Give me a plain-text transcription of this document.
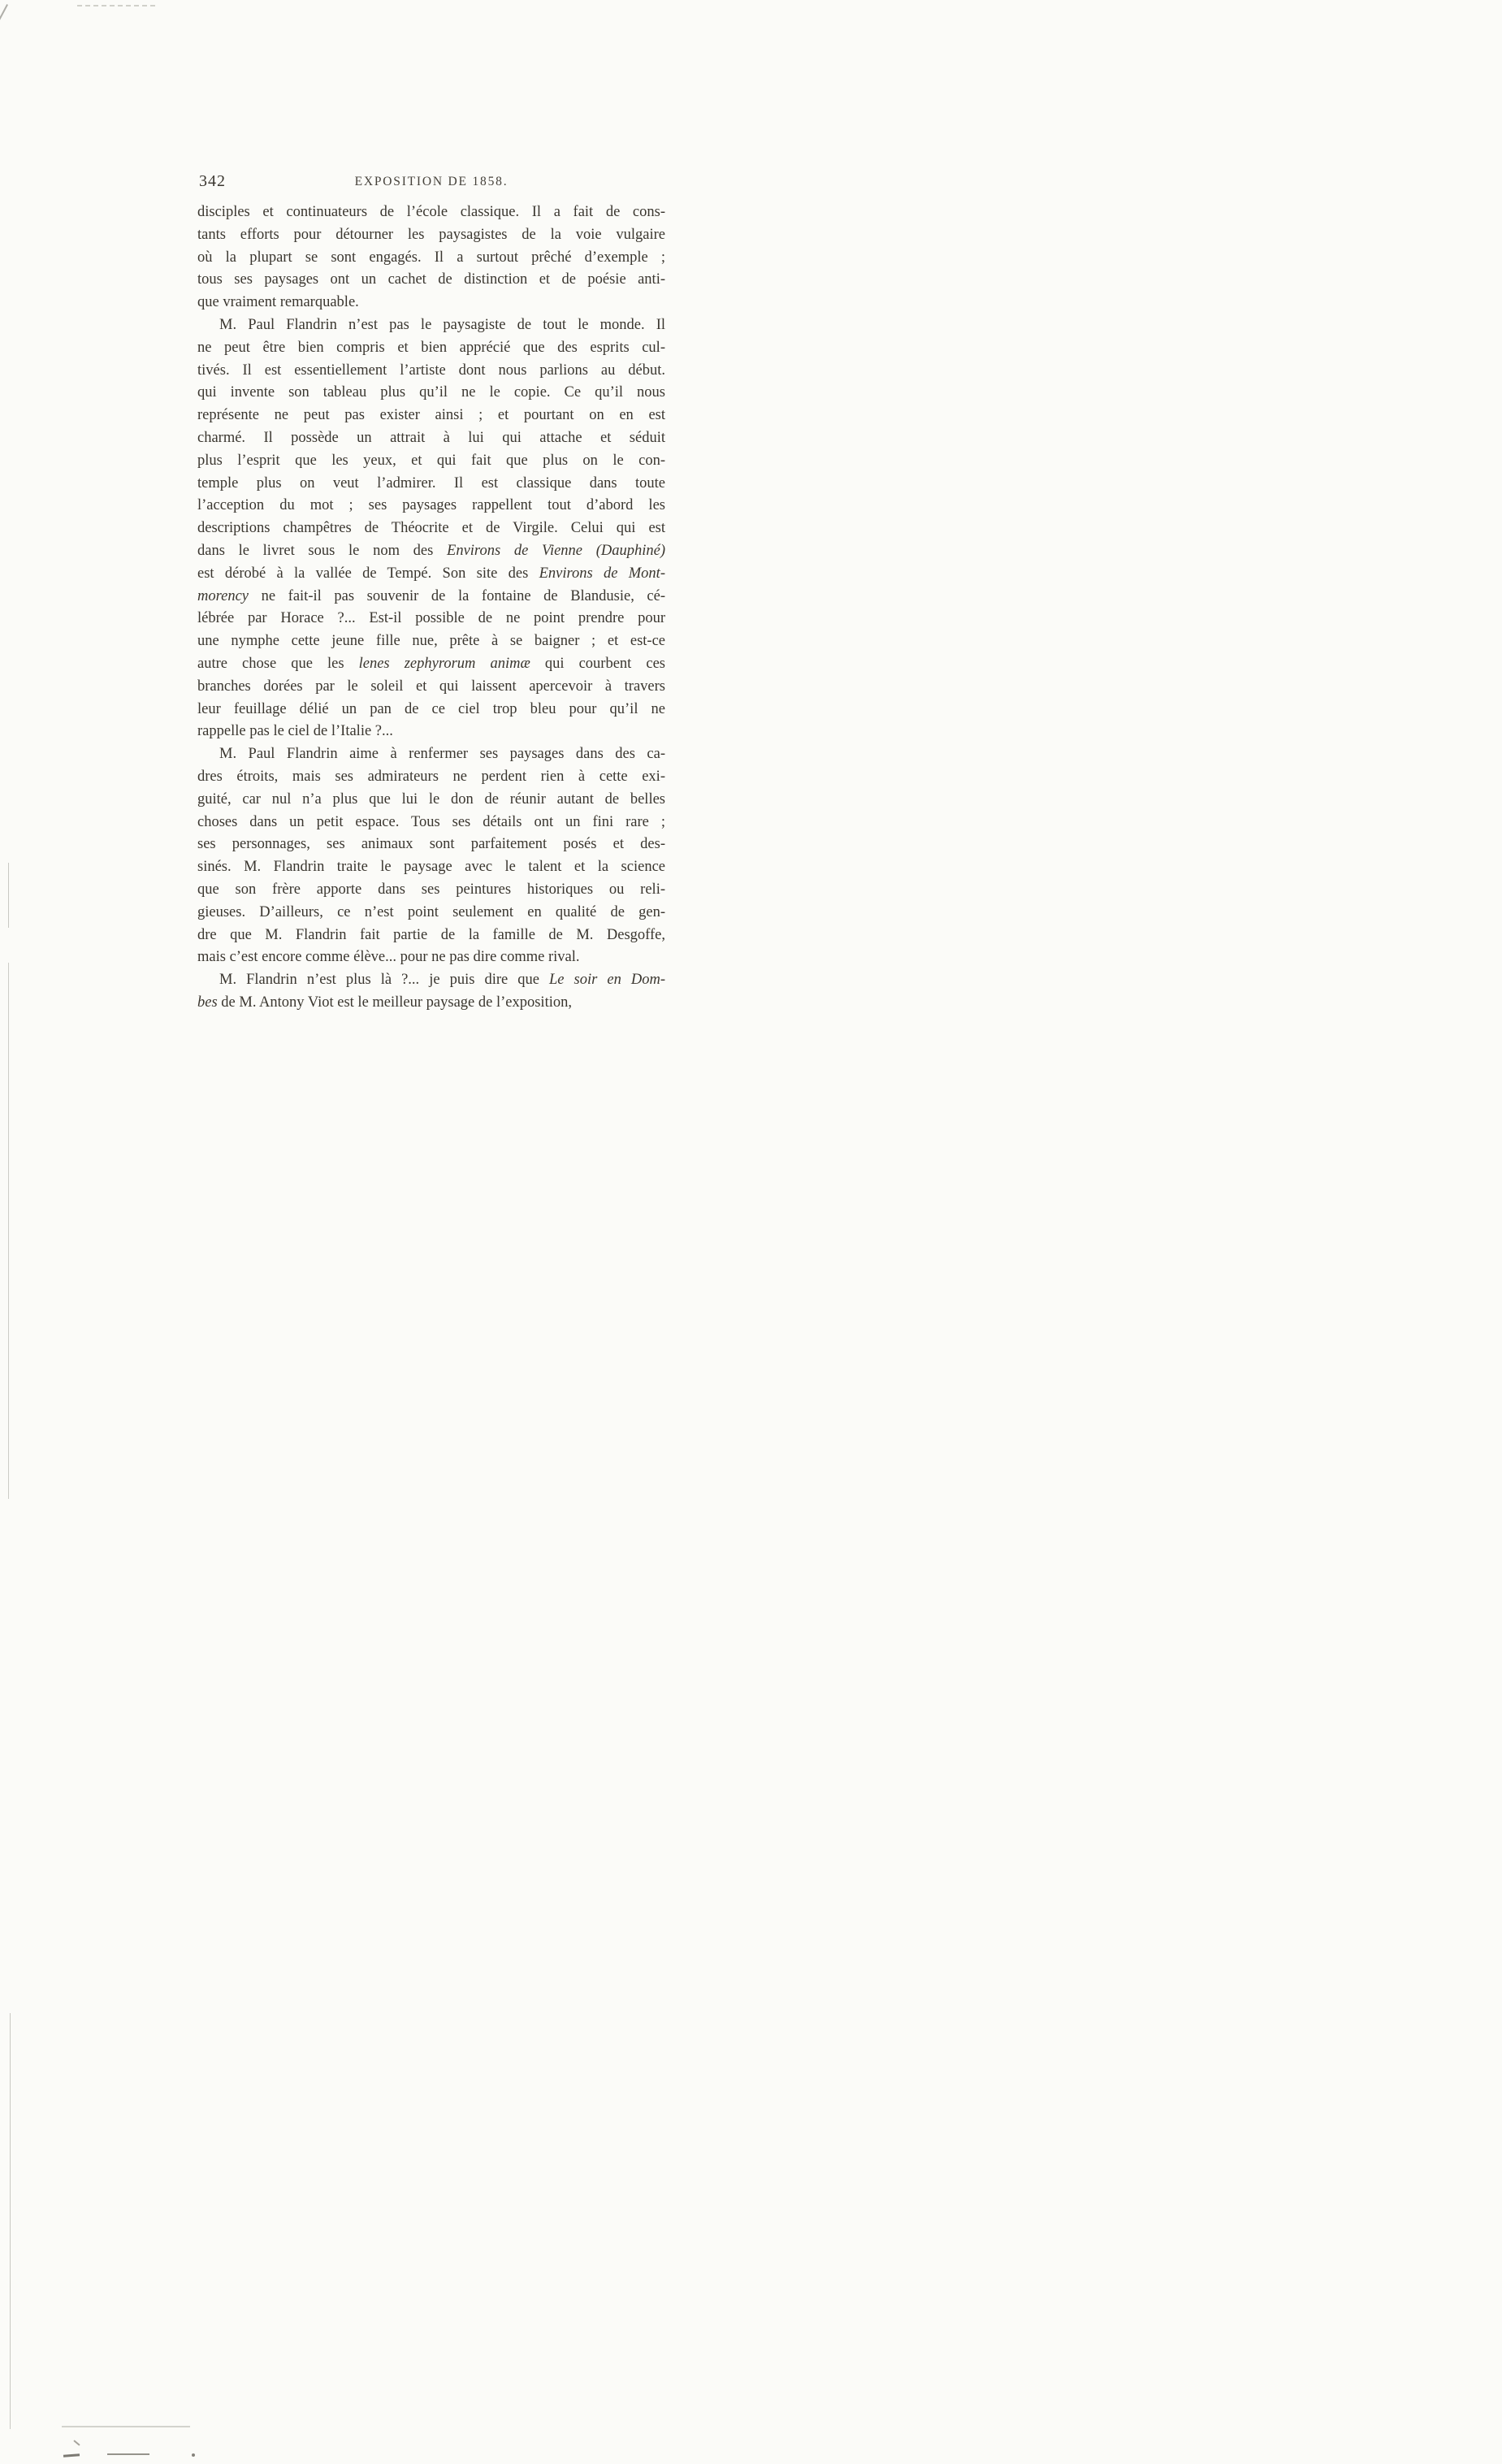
342	EXPOSITION DE 1858.
disciples et continuateurs de l’école classique. Il a fait de cons-
tants efforts pour détourner les paysagistes de la voie vulgaire
où la plupart se sont engagés. Il a surtout prêché d’exemple ;
tous ses paysages ont un cachet de distinction et de poésie anti-
que vraiment remarquable.
M. Paul Flandrin n’est pas le paysagiste de tout le monde. Il
ne peut être bien compris et bien apprécié que des esprits cul-
tivés. Il est essentiellement l’artiste dont nous parlions au début.
qui invente son tableau plus qu’il ne le copie. Ce qu’il nous
représente ne peut pas exister ainsi ; et pourtant on en est
charmé. Il possède un attrait à lui qui attache et séduit
plus l’esprit que les yeux, et qui fait que plus on le con-
temple plus on veut l’admirer. Il est classique dans toute
l’acception du mot ; ses paysages rappellent tout d’abord les
descriptions champêtres de Théocrite et de Virgile. Celui qui est
dans le livret sous le nom des Environs de Vienne (Dauphiné)
est dérobé à la vallée de Tempé. Son site des Environs de Mont-
morency ne fait-il pas souvenir de la fontaine de Blandusie, cé-
lébrée par Horace ?... Est-il possible de ne point prendre pour
une nymphe cette jeune fille nue, prête à se baigner ; et est-ce
autre chose que les lenes zephyrorum animæ qui courbent ces
branches dorées par le soleil et qui laissent apercevoir à travers
leur feuillage délié un pan de ce ciel trop bleu pour qu’il ne
rappelle pas le ciel de l’Italie ?...
M. Paul Flandrin aime à renfermer ses paysages dans des ca-
dres étroits, mais ses admirateurs ne perdent rien à cette exi-
guité, car nul n’a plus que lui le don de réunir autant de belles
choses dans un petit espace. Tous ses détails ont un fini rare ;
ses personnages, ses animaux sont parfaitement posés et des-
sinés. M. Flandrin traite le paysage avec le talent et la science
que son frère apporte dans ses peintures historiques ou reli-
gieuses. D’ailleurs, ce n’est point seulement en qualité de gen-
dre que M. Flandrin fait partie de la famille de M. Desgoffe,
mais c’est encore comme élève... pour ne pas dire comme rival.
M. Flandrin n’est plus là ?... je puis dire que Le soir en Dom-
bes de M. Antony Viot est le meilleur paysage de l’exposition,
